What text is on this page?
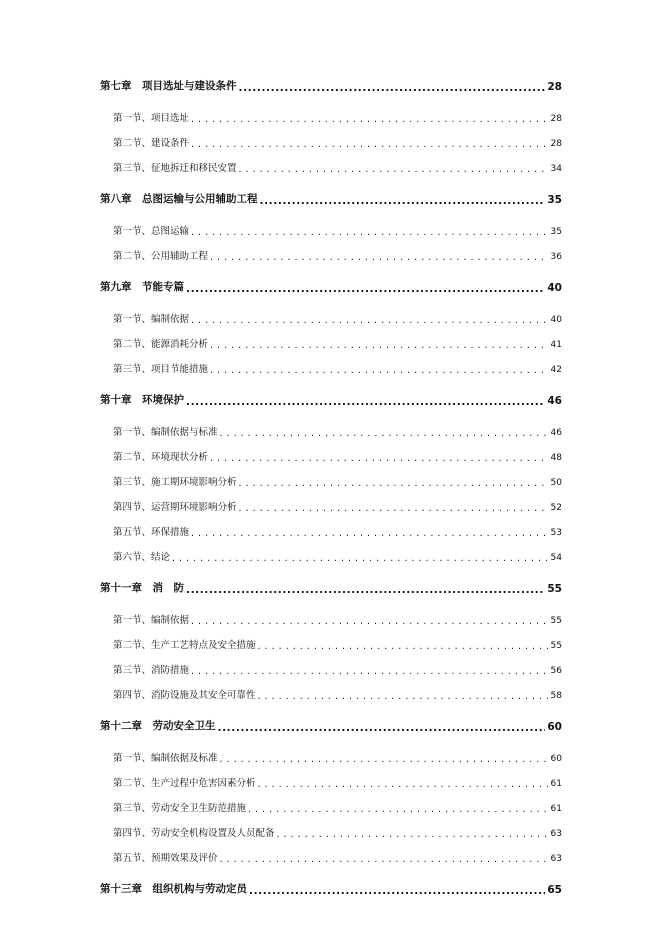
第七章　项目选址与建设条件 .....	28
第一节、项目选址 . . .	28
第二节、建设条件 . . .	28
第三节、征地拆迁和移民安置 . . .	34
第八章　总图运输与公用辅助工程 .....	35
第一节、总图运输 . . .	35
第二节、公用辅助工程 . . .	36
第九章　节能专篇 .....	40
第一节、编制依据 . . .	40
第二节、能源消耗分析 . . .	41
第三节、项目节能措施 . . .	42
第十章　环境保护 .....	46
第一节、编制依据与标准 . . .	46
第二节、环境现状分析 . . .	48
第三节、施工期环境影响分析 . . .	50
第四节、运营期环境影响分析 . . .	52
第五节、环保措施 . . .	53
第六节、结论 . . .	54
第十一章　消　防 .....	55
第一节、编制依据 . . .	55
第二节、生产工艺特点及安全措施 . . .	55
第三节、消防措施 . . .	56
第四节、消防设施及其安全可靠性 . . .	58
第十二章　劳动安全卫生 .....	60
第一节、编制依据及标准 . . .	60
第二节、生产过程中危害因素分析 . . .	61
第三节、劳动安全卫生防范措施 . . .	61
第四节、劳动安全机构设置及人员配备 . . .	63
第五节、预期效果及评价 . . .	63
第十三章　组织机构与劳动定员 .....	65
